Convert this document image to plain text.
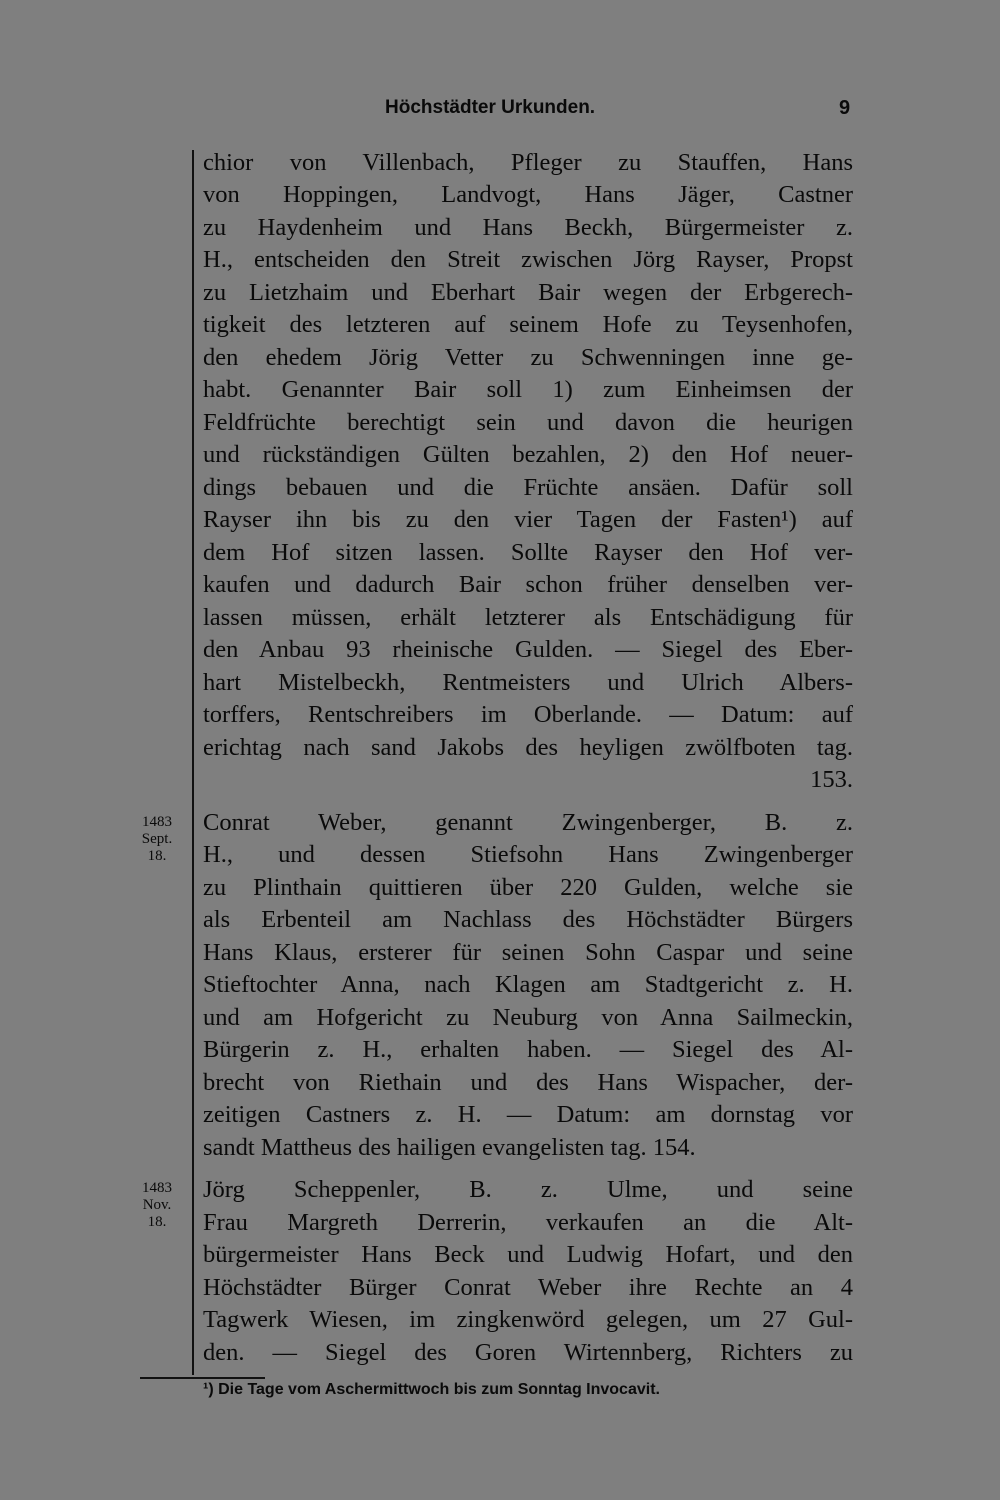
Höchstädter Urkunden.	9
chior von Villenbach, Pfleger zu Stauffen, Hans
von Hoppingen, Landvogt, Hans Jäger, Castner
zu Haydenheim und Hans Beckh, Bürgermeister z.
H., entscheiden den Streit zwischen Jörg Rayser, Propst
zu Lietzhaim und Eberhart Bair wegen der Erbgerech-
tigkeit des letzteren auf seinem Hofe zu Teysenhofen,
den ehedem Jörig Vetter zu Schwenningen inne ge-
habt. Genannter Bair soll 1) zum Einheimsen der
Feldfrüchte berechtigt sein und davon die heurigen
und rückständigen Gülten bezahlen, 2) den Hof neuer-
dings bebauen und die Früchte ansäen. Dafür soll
Rayser ihn bis zu den vier Tagen der Fasten¹) auf
dem Hof sitzen lassen. Sollte Rayser den Hof ver-
kaufen und dadurch Bair schon früher denselben ver-
lassen müssen, erhält letzterer als Entschädigung für
den Anbau 93 rheinische Gulden. — Siegel des Eber-
hart Mistelbeckh, Rentmeisters und Ulrich Albers-
torffers, Rentschreibers im Oberlande. — Datum: auf
erichtag nach sand Jakobs des heyligen zwölfboten tag.
153.
Conrat Weber, genannt Zwingenberger, B. z.
H., und dessen Stiefsohn Hans Zwingenberger
zu Plinthain quittieren über 220 Gulden, welche sie
als Erbenteil am Nachlass des Höchstädter Bürgers
Hans Klaus, ersterer für seinen Sohn Caspar und seine
Stieftochter Anna, nach Klagen am Stadtgericht z. H.
und am Hofgericht zu Neuburg von Anna Sailmeckin,
Bürgerin z. H., erhalten haben. — Siegel des Al-
brecht von Riethain und des Hans Wispacher, der-
zeitigen Castners z. H. — Datum: am dornstag vor
sandt Mattheus des hailigen evangelisten tag. 154.
Jörg Scheppenler, B. z. Ulme, und seine
Frau Margreth Derrerin, verkaufen an die Alt-
bürgermeister Hans Beck und Ludwig Hofart, und den
Höchstädter Bürger Conrat Weber ihre Rechte an 4
Tagwerk Wiesen, im zingkenwörd gelegen, um 27 Gul-
den. — Siegel des Goren Wirtennberg, Richters zu
1483
Sept.
18.
1483
Nov.
18.
¹) Die Tage vom Aschermittwoch bis zum Sonntag Invocavit.
